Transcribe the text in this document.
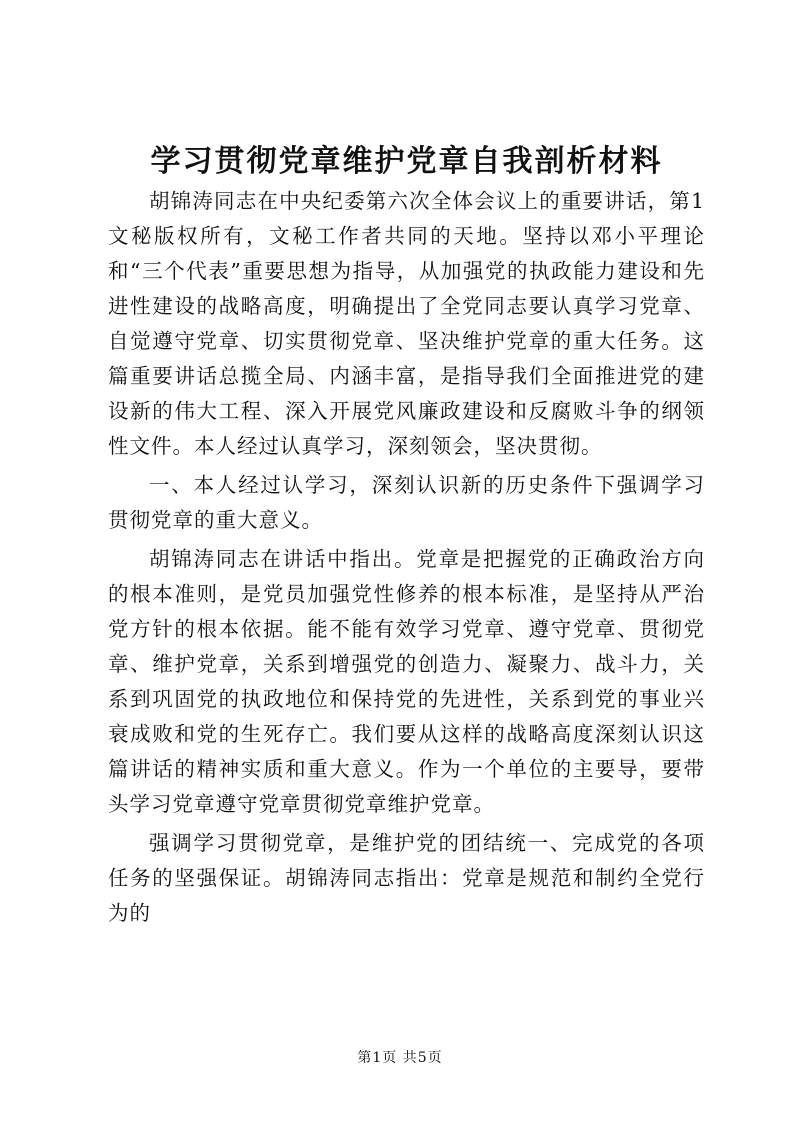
学习贯彻党章维护党章自我剖析材料

胡锦涛同志在中央纪委第六次全体会议上的重要讲话，第1文秘版权所有，文秘工作者共同的天地。坚持以邓小平理论和“三个代表”重要思想为指导，从加强党的执政能力建设和先进性建设的战略高度，明确提出了全党同志要认真学习党章、自觉遵守党章、切实贯彻党章、坚决维护党章的重大任务。这篇重要讲话总揽全局、内涵丰富，是指导我们全面推进党的建设新的伟大工程、深入开展党风廉政建设和反腐败斗争的纲领性文件。本人经过认真学习，深刻领会，坚决贯彻。

一、本人经过认学习，深刻认识新的历史条件下强调学习贯彻党章的重大意义。

胡锦涛同志在讲话中指出。党章是把握党的正确政治方向的根本准则，是党员加强党性修养的根本标准，是坚持从严治党方针的根本依据。能不能有效学习党章、遵守党章、贯彻党章、维护党章，关系到增强党的创造力、凝聚力、战斗力，关系到巩固党的执政地位和保持党的先进性，关系到党的事业兴衰成败和党的生死存亡。我们要从这样的战略高度深刻认识这篇讲话的精神实质和重大意义。作为一个单位的主要导，要带头学习党章遵守党章贯彻党章维护党章。

强调学习贯彻党章，是维护党的团结统一、完成党的各项任务的坚强保证。胡锦涛同志指出：党章是规范和制约全党行为的

第1页 共5页
